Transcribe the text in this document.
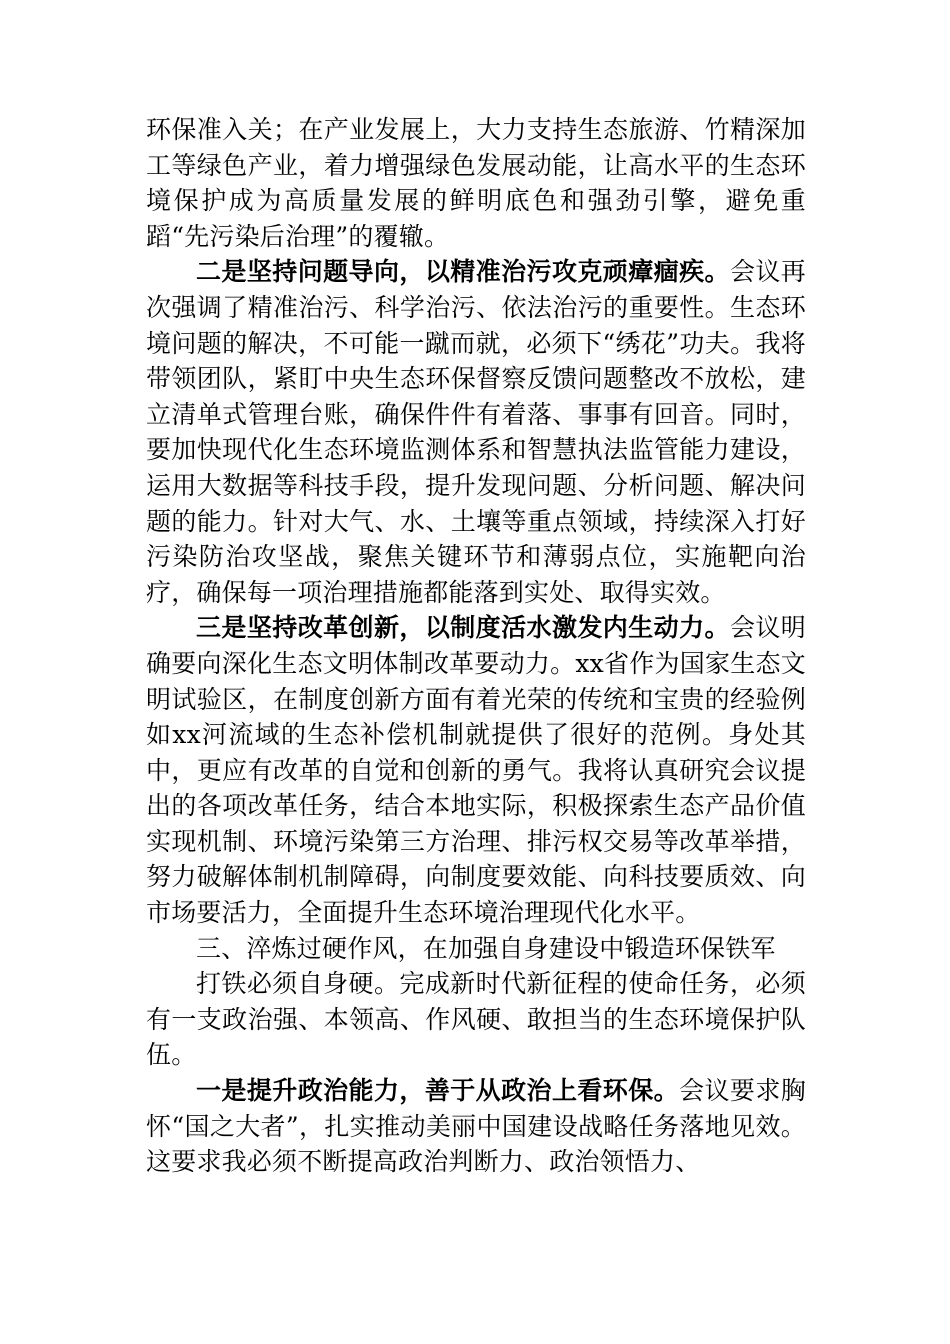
环保准入关；在产业发展上，大力支持生态旅游、竹精深加工等绿色产业，着力增强绿色发展动能，让高水平的生态环境保护成为高质量发展的鲜明底色和强劲引擎，避免重蹈“先污染后治理”的覆辙。

二是坚持问题导向，以精准治污攻克顽瘴痼疾。会议再次强调了精准治污、科学治污、依法治污的重要性。生态环境问题的解决，不可能一蹴而就，必须下“绣花”功夫。我将带领团队，紧盯中央生态环保督察反馈问题整改不放松，建立清单式管理台账，确保件件有着落、事事有回音。同时，要加快现代化生态环境监测体系和智慧执法监管能力建设，运用大数据等科技手段，提升发现问题、分析问题、解决问题的能力。针对大气、水、土壤等重点领域，持续深入打好污染防治攻坚战，聚焦关键环节和薄弱点位，实施靶向治疗，确保每一项治理措施都能落到实处、取得实效。

三是坚持改革创新，以制度活水激发内生动力。会议明确要向深化生态文明体制改革要动力。xx省作为国家生态文明试验区，在制度创新方面有着光荣的传统和宝贵的经验例如xx河流域的生态补偿机制就提供了很好的范例。身处其中，更应有改革的自觉和创新的勇气。我将认真研究会议提出的各项改革任务，结合本地实际，积极探索生态产品价值实现机制、环境污染第三方治理、排污权交易等改革举措，努力破解体制机制障碍，向制度要效能、向科技要质效、向市场要活力，全面提升生态环境治理现代化水平。

三、淬炼过硬作风，在加强自身建设中锻造环保铁军

打铁必须自身硬。完成新时代新征程的使命任务，必须有一支政治强、本领高、作风硬、敢担当的生态环境保护队伍。

一是提升政治能力，善于从政治上看环保。会议要求胸怀“国之大者”，扎实推动美丽中国建设战略任务落地见效。这要求我必须不断提高政治判断力、政治领悟力、
